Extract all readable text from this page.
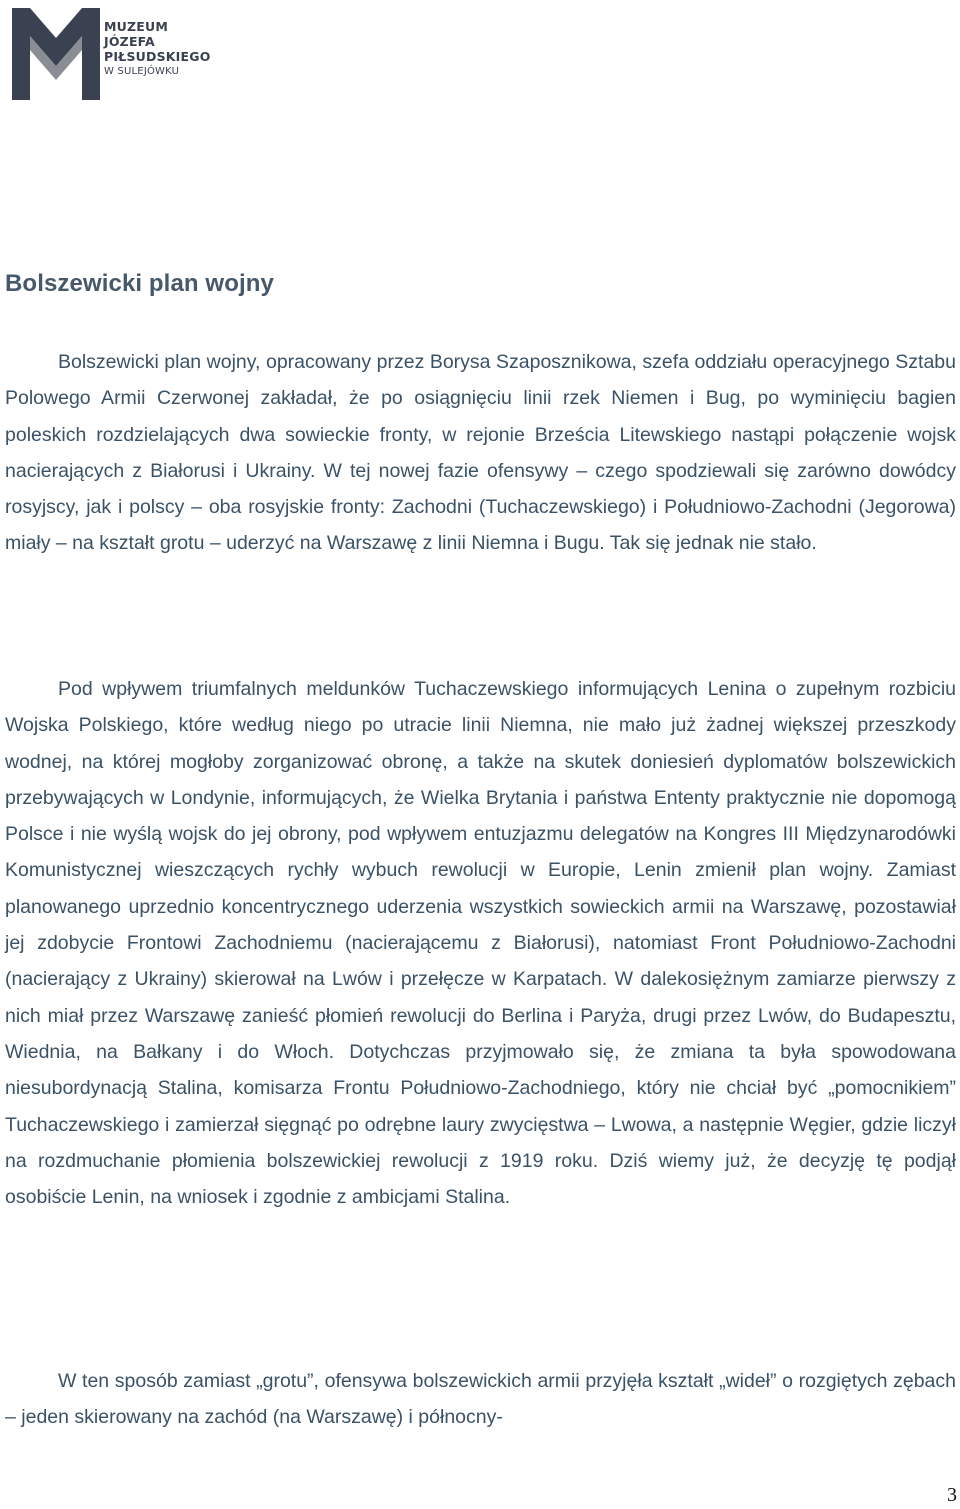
MUZEUM
JÓZEFA
PIŁSUDSKIEGO
W SULEJÓWKU
Bolszewicki plan wojny

Bolszewicki plan wojny, opracowany przez Borysa Szaposznikowa, szefa oddziału operacyjnego Sztabu Polowego Armii Czerwonej zakładał, że po osiągnięciu linii rzek Niemen i Bug, po wyminięciu bagien poleskich rozdzielających dwa sowieckie fronty, w rejonie Brześcia Litewskiego nastąpi połączenie wojsk nacierających z Białorusi i Ukrainy. W tej nowej fazie ofensywy – czego spodziewali się zarówno dowódcy rosyjscy, jak i polscy – oba rosyjskie fronty: Zachodni (Tuchaczewskiego) i Południowo-Zachodni (Jegorowa) miały – na kształt grotu – uderzyć na Warszawę z linii Niemna i Bugu. Tak się jednak nie stało.

Pod wpływem triumfalnych meldunków Tuchaczewskiego informujących Lenina o zupełnym rozbiciu Wojska Polskiego, które według niego po utracie linii Niemna, nie mało już żadnej większej przeszkody wodnej, na której mogłoby zorganizować obronę, a także na skutek doniesień dyplomatów bolszewickich przebywających w Londynie, informujących, że Wielka Brytania i państwa Ententy praktycznie nie dopomogą Polsce i nie wyślą wojsk do jej obrony, pod wpływem entuzjazmu delegatów na Kongres III Międzynarodówki Komunistycznej wieszczących rychły wybuch rewolucji w Europie, Lenin zmienił plan wojny. Zamiast planowanego uprzednio koncentrycznego uderzenia wszystkich sowieckich armii na Warszawę, pozostawiał jej zdobycie Frontowi Zachodniemu (nacierającemu z Białorusi), natomiast Front Południowo-Zachodni (nacierający z Ukrainy) skierował na Lwów i przełęcze w Karpatach. W dalekosiężnym zamiarze pierwszy z nich miał przez Warszawę zanieść płomień rewolucji do Berlina i Paryża, drugi przez Lwów, do Budapesztu, Wiednia, na Bałkany i do Włoch. Dotychczas przyjmowało się, że zmiana ta była spowodowana niesubordynacją Stalina, komisarza Frontu Południowo-Zachodniego, który nie chciał być „pomocnikiem” Tuchaczewskiego i zamierzał sięgnąć po odrębne laury zwycięstwa – Lwowa, a następnie Węgier, gdzie liczył na rozdmuchanie płomienia bolszewickiej rewolucji z 1919 roku. Dziś wiemy już, że decyzję tę podjął osobiście Lenin, na wniosek i zgodnie z ambicjami Stalina.

W ten sposób zamiast „grotu”, ofensywa bolszewickich armii przyjęła kształt „wideł” o rozgiętych zębach – jeden skierowany na zachód (na Warszawę) i północny-

3
